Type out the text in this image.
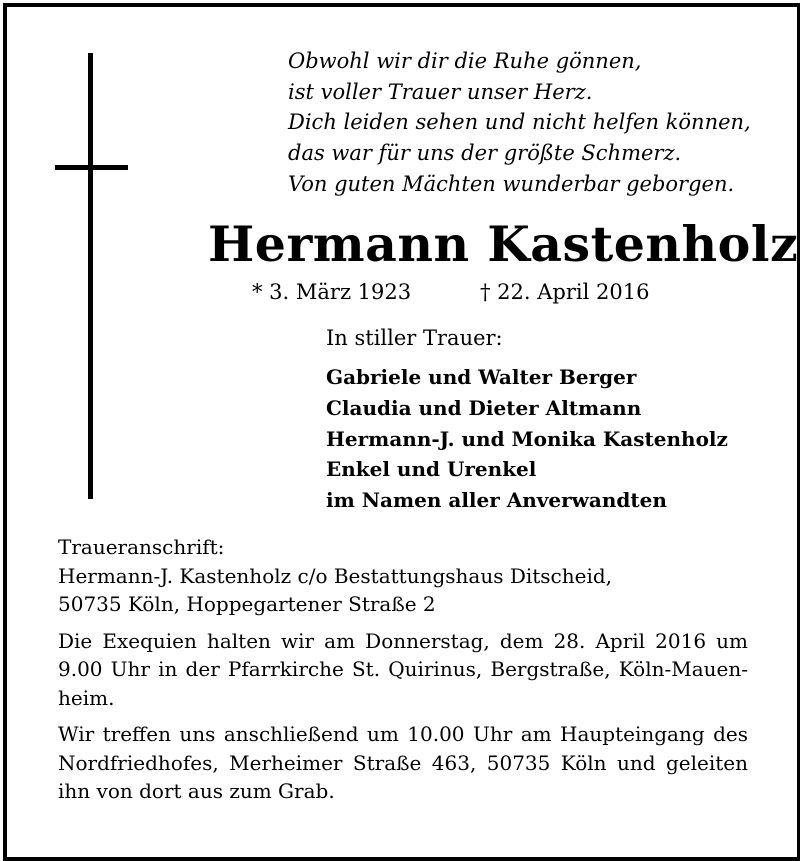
Obwohl wir dir die Ruhe gönnen,
ist voller Trauer unser Herz.
Dich leiden sehen und nicht helfen können,
das war für uns der größte Schmerz.
Von guten Mächten wunderbar geborgen.
Hermann Kastenholz
* 3. März 1923	† 22. April 2016
In stiller Trauer:
Gabriele und Walter Berger
Claudia und Dieter Altmann
Hermann-J. und Monika Kastenholz
Enkel und Urenkel
im Namen aller Anverwandten
Traueranschrift:
Hermann-J. Kastenholz c/o Bestattungshaus Ditscheid,
50735 Köln, Hoppegartener Straße 2
Die Exequien halten wir am Donnerstag, dem 28. April 2016 um
9.00 Uhr in der Pfarrkirche St. Quirinus, Bergstraße, Köln-Mauen-
heim.
Wir treffen uns anschließend um 10.00 Uhr am Haupteingang des
Nordfriedhofes, Merheimer Straße 463, 50735 Köln und geleiten
ihn von dort aus zum Grab.
